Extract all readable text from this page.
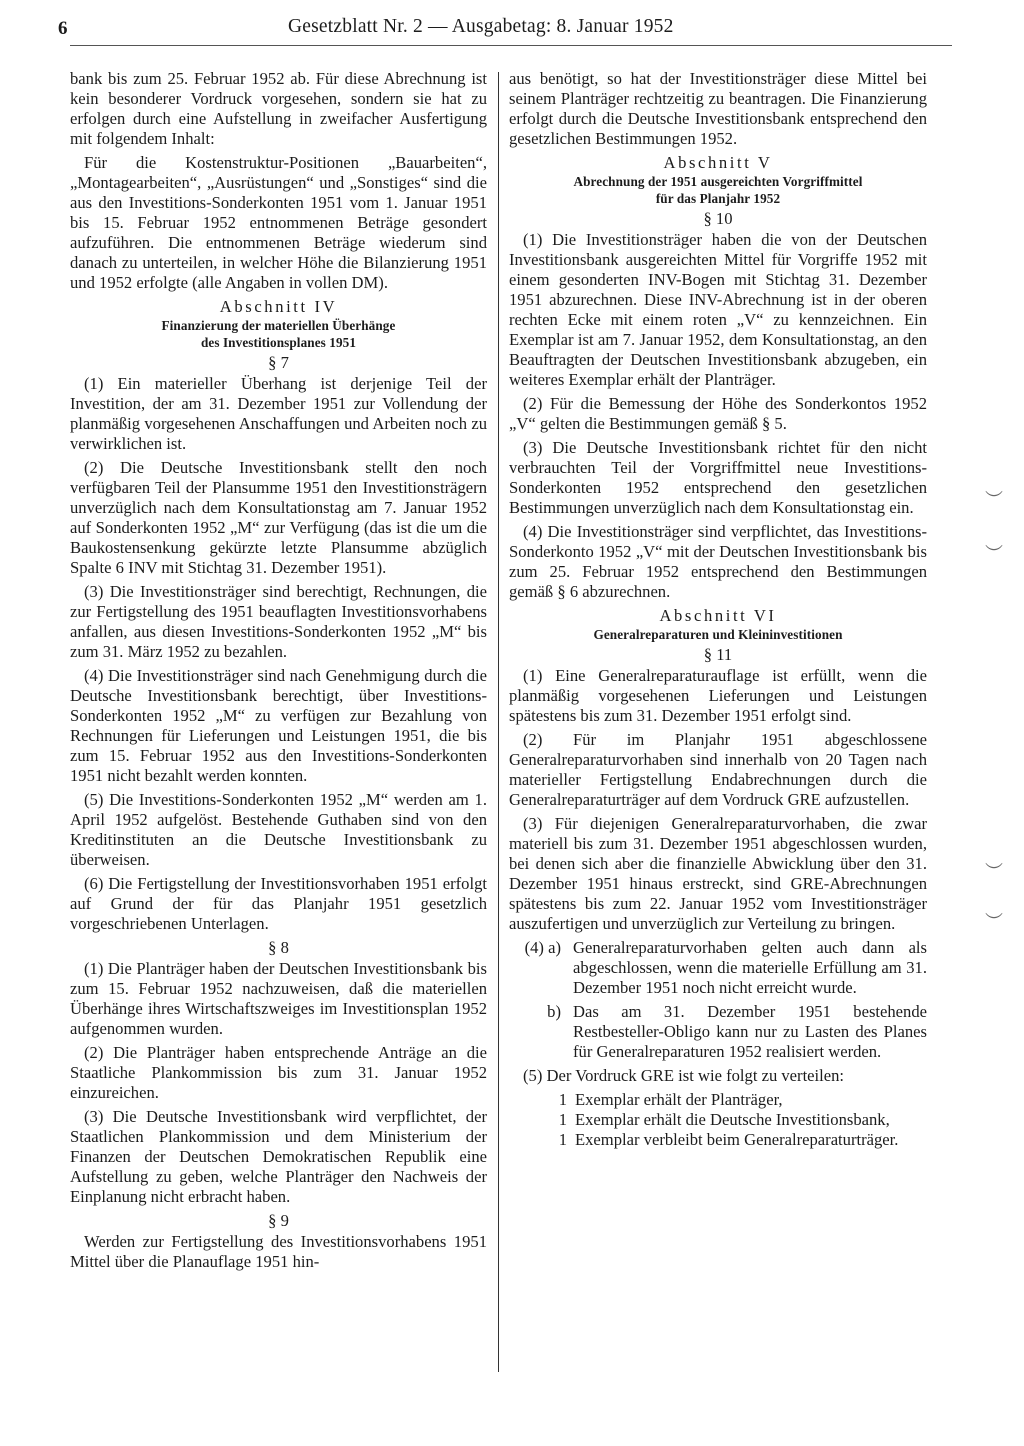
6	Gesetzblatt Nr. 2 — Ausgabetag: 8. Januar 1952

bank bis zum 25. Februar 1952 ab. Für diese Abrechnung ist kein besonderer Vordruck vorgesehen, sondern sie hat zu erfolgen durch eine Aufstellung in zweifacher Ausfertigung mit folgendem Inhalt:

Für die Kostenstruktur-Positionen „Bauarbeiten“, „Montagearbeiten“, „Ausrüstungen“ und „Sonstiges“ sind die aus den Investitions-Sonderkonten 1951 vom 1. Januar 1951 bis 15. Februar 1952 entnommenen Beträge gesondert aufzuführen. Die entnommenen Beträge wiederum sind danach zu unterteilen, in welcher Höhe die Bilanzierung 1951 und 1952 erfolgte (alle Angaben in vollen DM).

Abschnitt IV
Finanzierung der materiellen Überhänge
des Investitionsplanes 1951
§ 7

(1) Ein materieller Überhang ist derjenige Teil der Investition, der am 31. Dezember 1951 zur Vollendung der planmäßig vorgesehenen Anschaffungen und Arbeiten noch zu verwirklichen ist.

(2) Die Deutsche Investitionsbank stellt den noch verfügbaren Teil der Plansumme 1951 den Investitionsträgern unverzüglich nach dem Konsultationstag am 7. Januar 1952 auf Sonderkonten 1952 „M“ zur Verfügung (das ist die um die Baukostensenkung gekürzte letzte Plansumme abzüglich Spalte 6 INV mit Stichtag 31. Dezember 1951).

(3) Die Investitionsträger sind berechtigt, Rechnungen, die zur Fertigstellung des 1951 beauflagten Investitionsvorhabens anfallen, aus diesen Investitions-Sonderkonten 1952 „M“ bis zum 31. März 1952 zu bezahlen.

(4) Die Investitionsträger sind nach Genehmigung durch die Deutsche Investitionsbank berechtigt, über Investitions-Sonderkonten 1952 „M“ zu verfügen zur Bezahlung von Rechnungen für Lieferungen und Leistungen 1951, die bis zum 15. Februar 1952 aus den Investitions-Sonderkonten 1951 nicht bezahlt werden konnten.

(5) Die Investitions-Sonderkonten 1952 „M“ werden am 1. April 1952 aufgelöst. Bestehende Guthaben sind von den Kreditinstituten an die Deutsche Investitionsbank zu überweisen.

(6) Die Fertigstellung der Investitionsvorhaben 1951 erfolgt auf Grund der für das Planjahr 1951 gesetzlich vorgeschriebenen Unterlagen.

§ 8

(1) Die Planträger haben der Deutschen Investitionsbank bis zum 15. Februar 1952 nachzuweisen, daß die materiellen Überhänge ihres Wirtschaftszweiges im Investitionsplan 1952 aufgenommen wurden.

(2) Die Planträger haben entsprechende Anträge an die Staatliche Plankommission bis zum 31. Januar 1952 einzureichen.

(3) Die Deutsche Investitionsbank wird verpflichtet, der Staatlichen Plankommission und dem Ministerium der Finanzen der Deutschen Demokratischen Republik eine Aufstellung zu geben, welche Planträger den Nachweis der Einplanung nicht erbracht haben.

§ 9

Werden zur Fertigstellung des Investitionsvorhabens 1951 Mittel über die Planauflage 1951 hin-

aus benötigt, so hat der Investitionsträger diese Mittel bei seinem Planträger rechtzeitig zu beantragen. Die Finanzierung erfolgt durch die Deutsche Investitionsbank entsprechend den gesetzlichen Bestimmungen 1952.

Abschnitt V
Abrechnung der 1951 ausgereichten Vorgriffmittel
für das Planjahr 1952
§ 10

(1) Die Investitionsträger haben die von der Deutschen Investitionsbank ausgereichten Mittel für Vorgriffe 1952 mit einem gesonderten INV-Bogen mit Stichtag 31. Dezember 1951 abzurechnen. Diese INV-Abrechnung ist in der oberen rechten Ecke mit einem roten „V“ zu kennzeichnen. Ein Exemplar ist am 7. Januar 1952, dem Konsultationstag, an den Beauftragten der Deutschen Investitionsbank abzugeben, ein weiteres Exemplar erhält der Planträger.

(2) Für die Bemessung der Höhe des Sonderkontos 1952 „V“ gelten die Bestimmungen gemäß § 5.

(3) Die Deutsche Investitionsbank richtet für den nicht verbrauchten Teil der Vorgriffmittel neue Investitions-Sonderkonten 1952 entsprechend den gesetzlichen Bestimmungen unverzüglich nach dem Konsultationstag ein.

(4) Die Investitionsträger sind verpflichtet, das Investitions-Sonderkonto 1952 „V“ mit der Deutschen Investitionsbank bis zum 25. Februar 1952 entsprechend den Bestimmungen gemäß § 6 abzurechnen.

Abschnitt VI
Generalreparaturen und Kleininvestitionen
§ 11

(1) Eine Generalreparaturauflage ist erfüllt, wenn die planmäßig vorgesehenen Lieferungen und Leistungen spätestens bis zum 31. Dezember 1951 erfolgt sind.

(2) Für im Planjahr 1951 abgeschlossene Generalreparaturvorhaben sind innerhalb von 20 Tagen nach materieller Fertigstellung Endabrechnungen durch die Generalreparaturträger auf dem Vordruck GRE aufzustellen.

(3) Für diejenigen Generalreparaturvorhaben, die zwar materiell bis zum 31. Dezember 1951 abgeschlossen wurden, bei denen sich aber die finanzielle Abwicklung über den 31. Dezember 1951 hinaus erstreckt, sind GRE-Abrechnungen spätestens bis zum 22. Januar 1952 vom Investitionsträger auszufertigen und unverzüglich zur Verteilung zu bringen.

(4) a) Generalreparaturvorhaben gelten auch dann als abgeschlossen, wenn die materielle Erfüllung am 31. Dezember 1951 noch nicht erreicht wurde.
b) Das am 31. Dezember 1951 bestehende Restbesteller-Obligo kann nur zu Lasten des Planes für Generalreparaturen 1952 realisiert werden.

(5) Der Vordruck GRE ist wie folgt zu verteilen:

1 Exemplar erhält der Planträger,
1 Exemplar erhält die Deutsche Investitionsbank,
1 Exemplar verbleibt beim Generalreparaturträger.
︶
︶
︶
︶
